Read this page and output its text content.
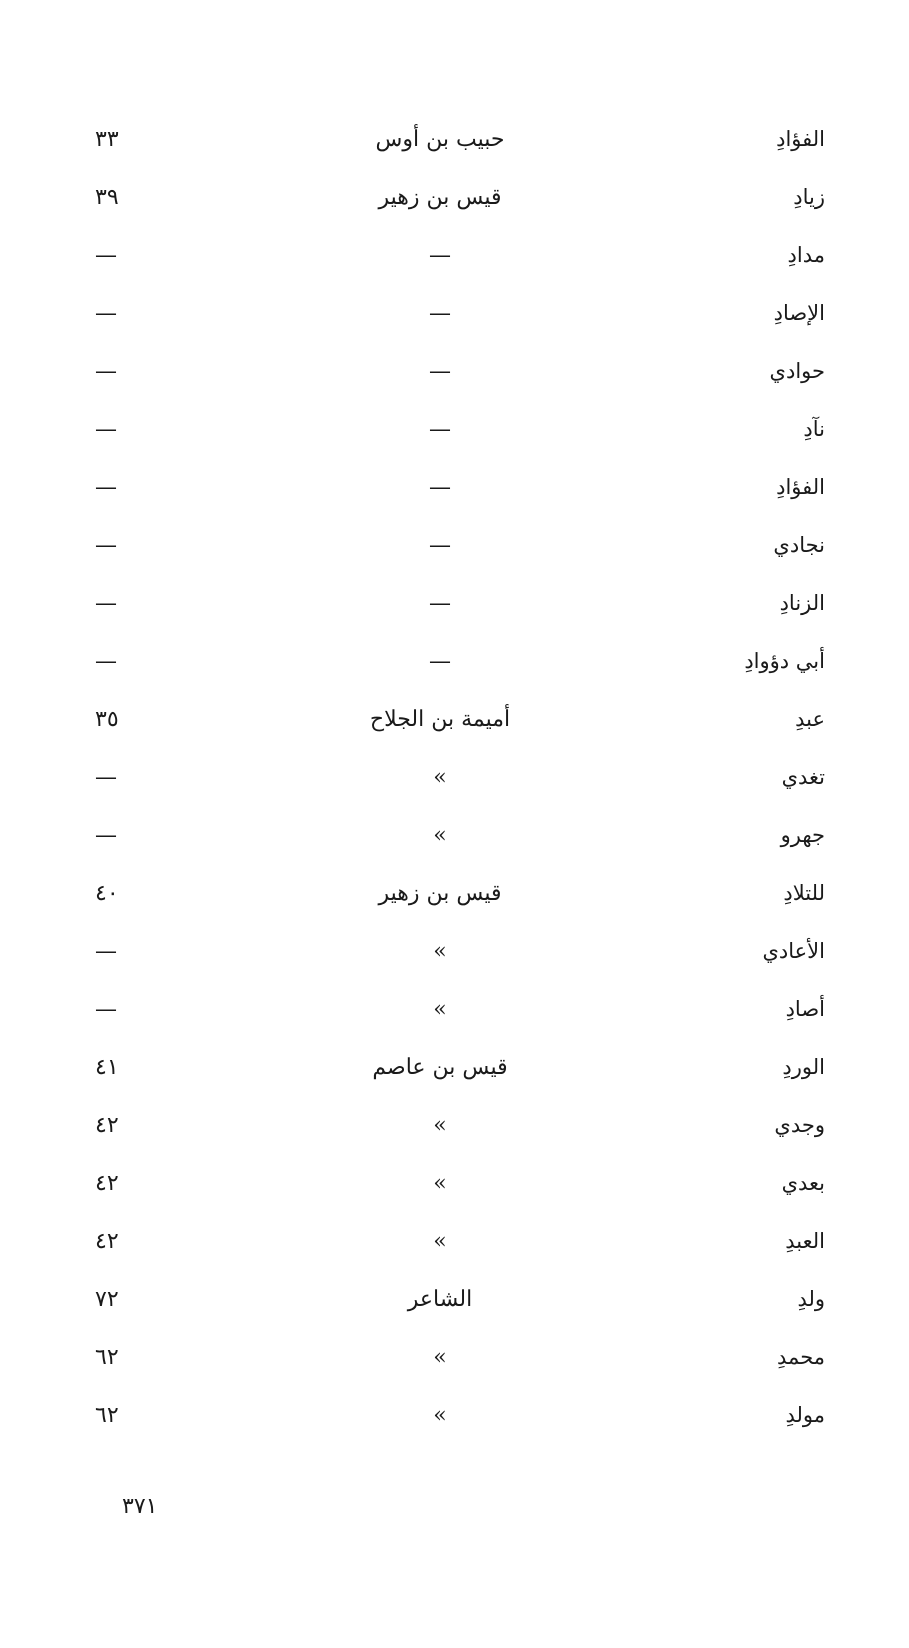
الفؤادِ	حبيب بن أوس	٣٣
زيادِ	قيس بن زهير	٣٩
مدادِ	—	—
الإصادِ	—	—
حوادي	—	—
نآدِ	—	—
الفؤادِ	—	—
نجادي	—	—
الزنادِ	—	—
أبي دؤوادِ	—	—
عبدِ	أميمة بن الجلاح	٣٥
تغدي	»	—
جهرو	»	—
للتلادِ	قيس بن زهير	٤٠
الأعادي	»	—
أصادِ	»	—
الوردِ	قيس بن عاصم	٤١
وجدي	»	٤٢
بعدي	»	٤٢
العبدِ	»	٤٢
ولدِ	الشاعر	٧٢
محمدِ	»	٦٢
مولدِ	»	٦٢
٣٧١
